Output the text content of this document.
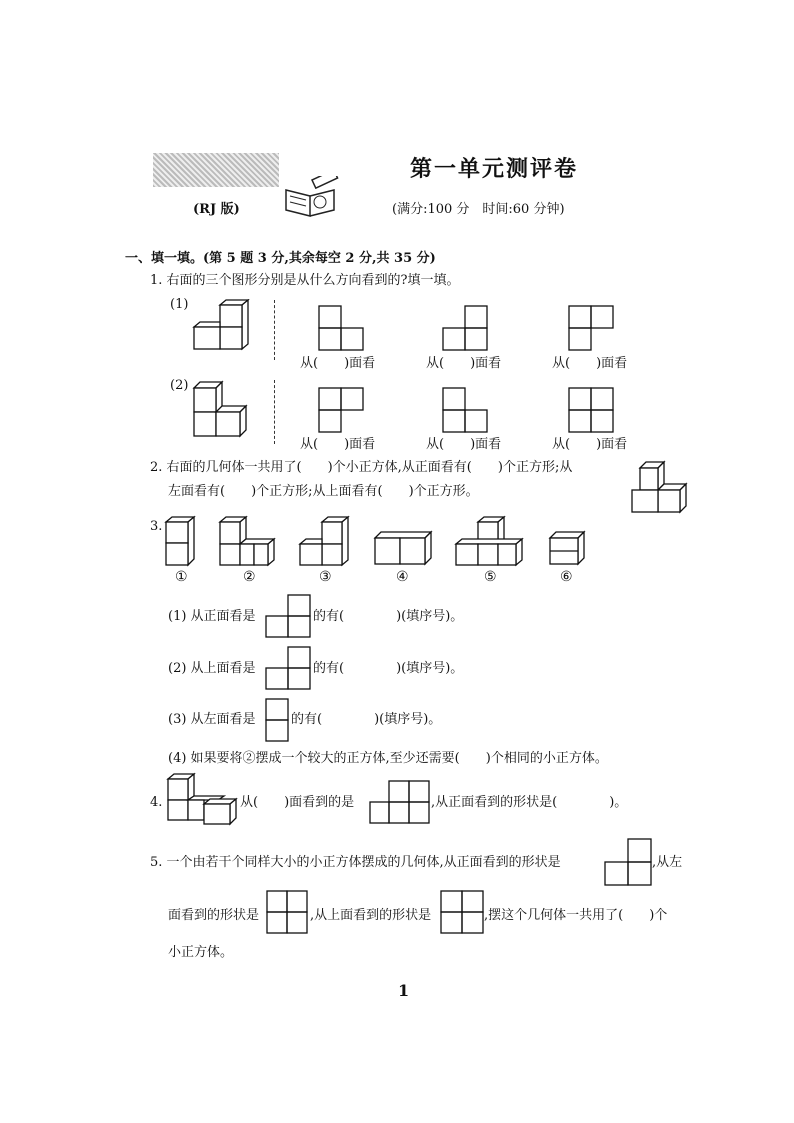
第一单元测评卷
(RJ 版)	(满分:100 分　时间:60 分钟)
一、填一填。(第 5 题 3 分,其余每空 2 分,共 35 分)
1. 右面的三个图形分别是从什么方向看到的?填一填。
(1)
(2)
从(　　)面看	从(　　)面看	从(　　)面看
从(　　)面看	从(　　)面看	从(　　)面看
2. 右面的几何体一共用了(　　)个小正方体,从正面看有(　　)个正方形;从
左面看有(　　)个正方形;从上面看有(　　)个正方形。
3.
①	②	③	④	⑤	⑥
(1) 从正面看是	的有(　　　　)(填序号)。
(2) 从上面看是	的有(　　　　)(填序号)。
(3) 从左面看是	的有(　　　　)(填序号)。
(4) 如果要将②摆成一个较大的正方体,至少还需要(　　)个相同的小正方体。
4.	从(　　)面看到的是	,从正面看到的形状是(　　　　)。
5. 一个由若干个同样大小的小正方体摆成的几何体,从正面看到的形状是	,从左
面看到的形状是	,从上面看到的形状是	,摆这个几何体一共用了(　　)个
小正方体。
1
